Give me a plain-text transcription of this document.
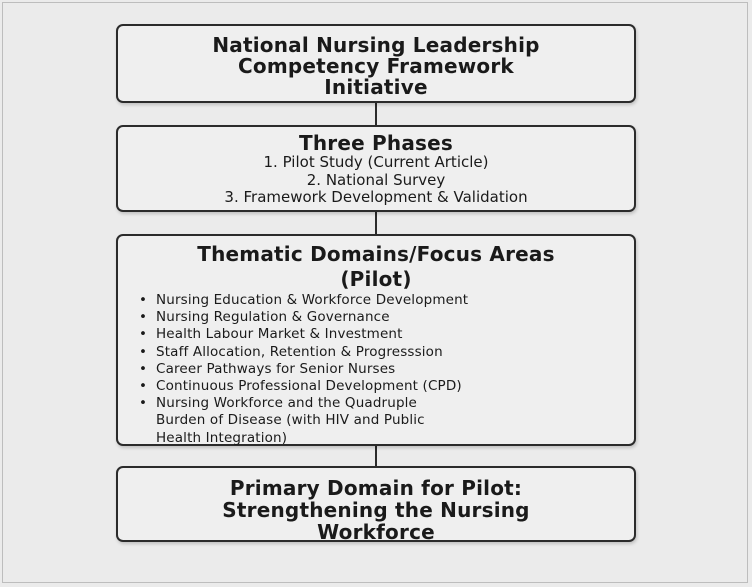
National Nursing Leadership
Competency Framework
Initiative
Three Phases
1. Pilot Study (Current Article)
2. National Survey
3. Framework Development & Validation
Thematic Domains/Focus Areas
(Pilot)
• Nursing Education & Workforce Development
• Nursing Regulation & Governance
• Health Labour Market & Investment
• Staff Allocation, Retention & Progresssion
• Career Pathways for Senior Nurses
• Continuous Professional Development (CPD)
• Nursing Workforce and the Quadruple Burden of Disease (with HIV and Public Health Integration)
Primary Domain for Pilot:
Strengthening the Nursing
Workforce
